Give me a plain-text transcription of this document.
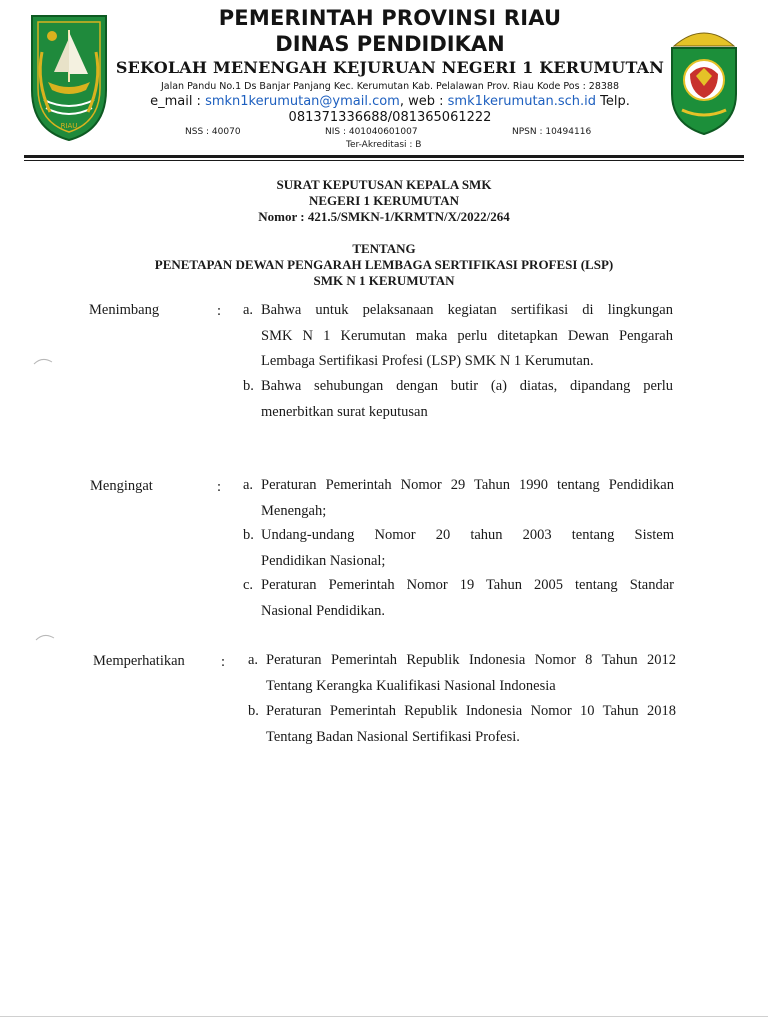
RIAU
PEMERINTAH PROVINSI RIAU
DINAS PENDIDIKAN
SEKOLAH MENENGAH KEJURUAN NEGERI 1 KERUMUTAN
Jalan Pandu No.1 Ds Banjar Panjang Kec. Kerumutan Kab. Pelalawan Prov. Riau Kode Pos : 28388
e_mail : smkn1kerumutan@ymail.com, web : smk1kerumutan.sch.id Telp.
081371336688/081365061222
NSS : 40070	NIS : 401040601007	NPSN : 10494116
Ter-Akreditasi : B
SURAT KEPUTUSAN KEPALA SMK
NEGERI 1 KERUMUTAN
Nomor : 421.5/SMKN-1/KRMTN/X/2022/264
TENTANG
PENETAPAN DEWAN PENGARAH LEMBAGA SERTIFIKASI PROFESI (LSP)
SMK N 1 KERUMUTAN
Menimbang	: a. Bahwa untuk pelaksanaan kegiatan sertifikasi di lingkungan
SMK N 1 Kerumutan maka perlu ditetapkan Dewan Pengarah
Lembaga Sertifikasi Profesi (LSP) SMK N 1 Kerumutan.
b. Bahwa sehubungan dengan butir (a) diatas, dipandang perlu
menerbitkan surat keputusan
Mengingat	: a. Peraturan Pemerintah Nomor 29 Tahun 1990 tentang Pendidikan
Menengah;
b. Undang-undang Nomor 20 tahun 2003 tentang Sistem
Pendidikan Nasional;
c. Peraturan Pemerintah Nomor 19 Tahun 2005 tentang Standar
Nasional Pendidikan.
Memperhatikan : a. Peraturan Pemerintah Republik Indonesia Nomor 8 Tahun 2012
Tentang Kerangka Kualifikasi Nasional Indonesia
b. Peraturan Pemerintah Republik Indonesia Nomor 10 Tahun 2018
Tentang Badan Nasional Sertifikasi Profesi.
